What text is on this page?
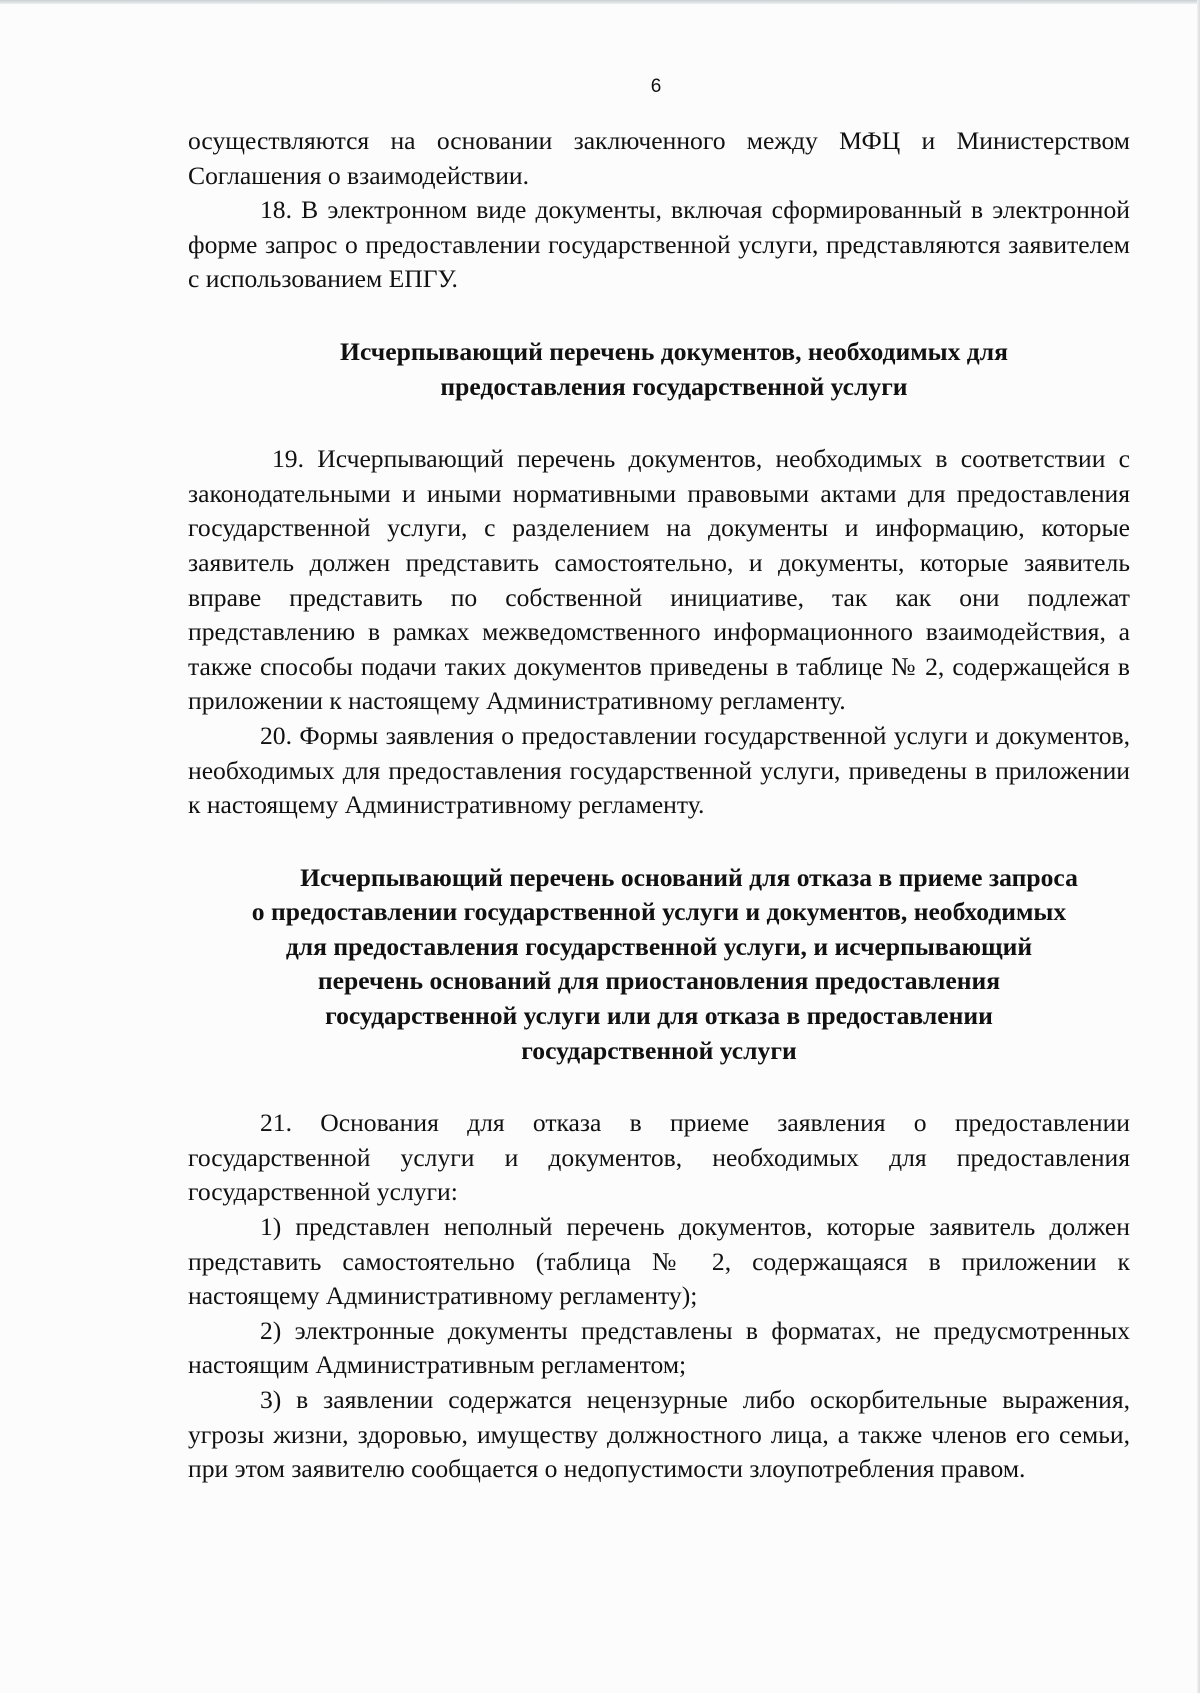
6

осуществляются на основании заключенного между МФЦ и Министерством Соглашения о взаимодействии.

18. В электронном виде документы, включая сформированный в электронной форме запрос о предоставлении государственной услуги, представляются заявителем с использованием ЕПГУ.

Исчерпывающий перечень документов, необходимых для
предоставления государственной услуги

19. Исчерпывающий перечень документов, необходимых в соответствии с законодательными и иными нормативными правовыми актами для предоставления государственной услуги, с разделением на документы и информацию, которые заявитель должен представить самостоятельно, и документы, которые заявитель вправе представить по собственной инициативе, так как они подлежат представлению в рамках межведомственного информационного взаимодействия, а также способы подачи таких документов приведены в таблице № 2, содержащейся в приложении к настоящему Административному регламенту.

20. Формы заявления о предоставлении государственной услуги и документов, необходимых для предоставления государственной услуги, приведены в приложении к настоящему Административному регламенту.

Исчерпывающий перечень оснований для отказа в приеме запроса
о предоставлении государственной услуги и документов, необходимых
для предоставления государственной услуги, и исчерпывающий
перечень оснований для приостановления предоставления
государственной услуги или для отказа в предоставлении
государственной услуги

21. Основания для отказа в приеме заявления о предоставлении государственной услуги и документов, необходимых для предоставления государственной услуги:

1) представлен неполный перечень документов, которые заявитель должен представить самостоятельно (таблица № 2, содержащаяся в приложении к настоящему Административному регламенту);

2) электронные документы представлены в форматах, не предусмотренных настоящим Административным регламентом;

3) в заявлении содержатся нецензурные либо оскорбительные выражения, угрозы жизни, здоровью, имуществу должностного лица, а также членов его семьи, при этом заявителю сообщается о недопустимости злоупотребления правом.
